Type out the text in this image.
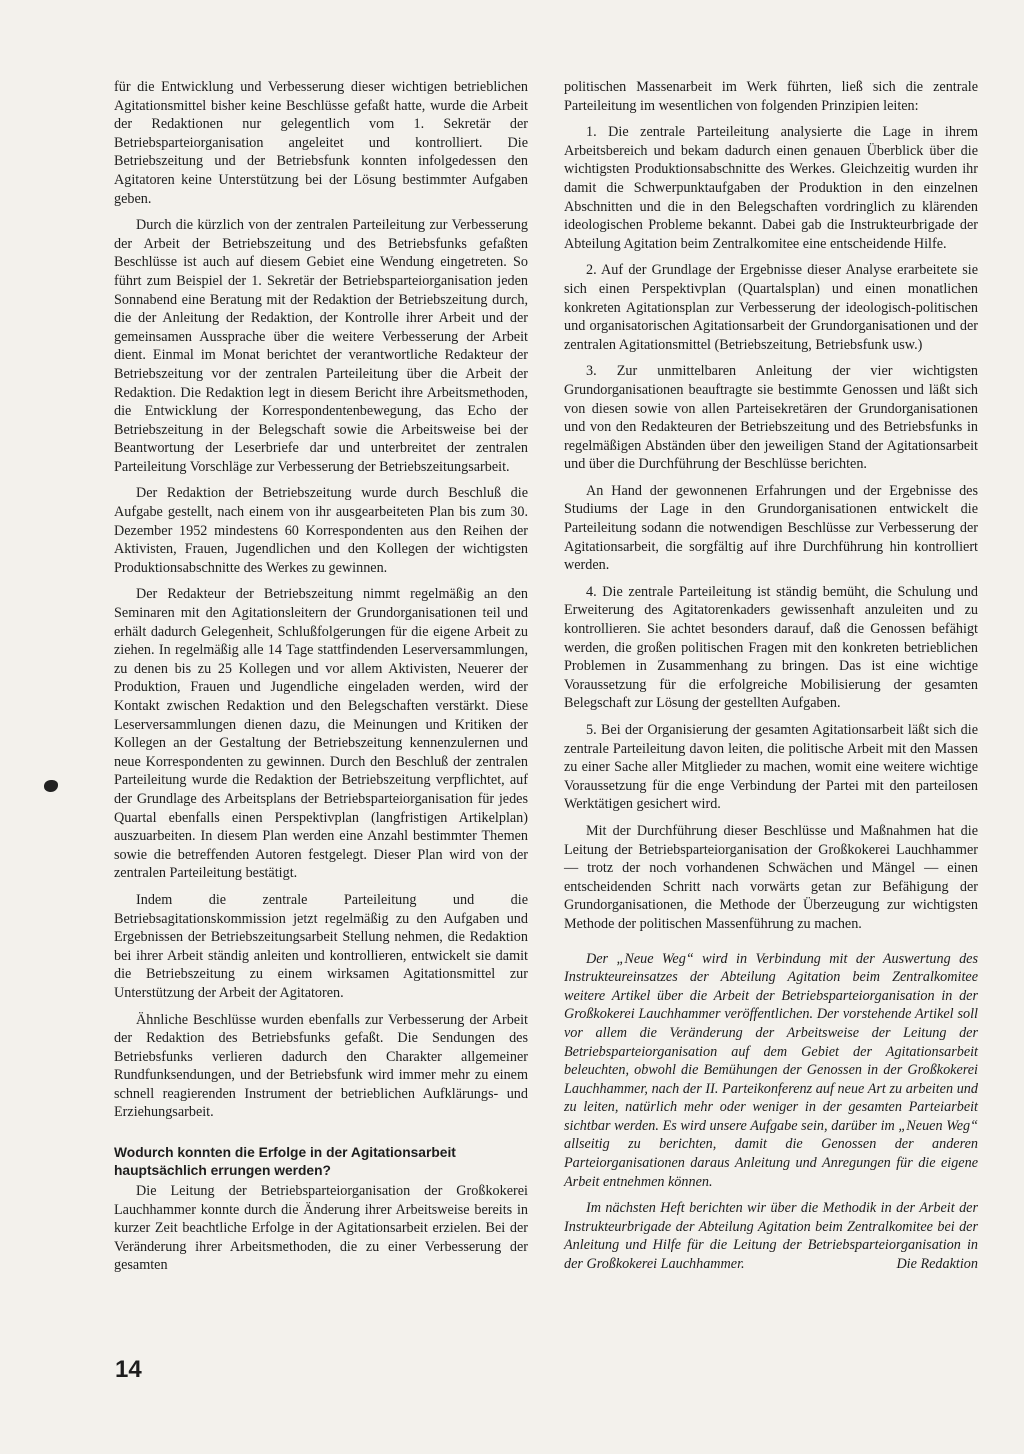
für die Entwicklung und Verbesserung dieser wichtigen betrieblichen Agitationsmittel bisher keine Beschlüsse gefaßt hatte, wurde die Arbeit der Redaktionen nur gelegentlich vom 1. Sekretär der Betriebsparteiorganisation angeleitet und kontrolliert. Die Betriebszeitung und der Betriebsfunk konnten infolgedessen den Agitatoren keine Unterstützung bei der Lösung bestimmter Aufgaben geben.

Durch die kürzlich von der zentralen Parteileitung zur Verbesserung der Arbeit der Betriebszeitung und des Betriebsfunks gefaßten Beschlüsse ist auch auf diesem Gebiet eine Wendung eingetreten. So führt zum Beispiel der 1. Sekretär der Betriebsparteiorganisation jeden Sonnabend eine Beratung mit der Redaktion der Betriebszeitung durch, die der Anleitung der Redaktion, der Kontrolle ihrer Arbeit und der gemeinsamen Aussprache über die weitere Verbesserung der Arbeit dient. Einmal im Monat berichtet der verantwortliche Redakteur der Betriebszeitung vor der zentralen Parteileitung über die Arbeit der Redaktion. Die Redaktion legt in diesem Bericht ihre Arbeitsmethoden, die Entwicklung der Korrespondentenbewegung, das Echo der Betriebszeitung in der Belegschaft sowie die Arbeitsweise bei der Beantwortung der Leserbriefe dar und unterbreitet der zentralen Parteileitung Vorschläge zur Verbesserung der Betriebszeitungsarbeit.

Der Redaktion der Betriebszeitung wurde durch Beschluß die Aufgabe gestellt, nach einem von ihr ausgearbeiteten Plan bis zum 30. Dezember 1952 mindestens 60 Korrespondenten aus den Reihen der Aktivisten, Frauen, Jugendlichen und den Kollegen der wichtigsten Produktionsabschnitte des Werkes zu gewinnen.

Der Redakteur der Betriebszeitung nimmt regelmäßig an den Seminaren mit den Agitationsleitern der Grundorganisationen teil und erhält dadurch Gelegenheit, Schlußfolgerungen für die eigene Arbeit zu ziehen. In regelmäßig alle 14 Tage stattfindenden Leserversammlungen, zu denen bis zu 25 Kollegen und vor allem Aktivisten, Neuerer der Produktion, Frauen und Jugendliche eingeladen werden, wird der Kontakt zwischen Redaktion und den Belegschaften verstärkt. Diese Leserversammlungen dienen dazu, die Meinungen und Kritiken der Kollegen an der Gestaltung der Betriebszeitung kennenzulernen und neue Korrespondenten zu gewinnen. Durch den Beschluß der zentralen Parteileitung wurde die Redaktion der Betriebszeitung verpflichtet, auf der Grundlage des Arbeitsplans der Betriebsparteiorganisation für jedes Quartal ebenfalls einen Perspektivplan (langfristigen Artikelplan) auszuarbeiten. In diesem Plan werden eine Anzahl bestimmter Themen sowie die betreffenden Autoren festgelegt. Dieser Plan wird von der zentralen Parteileitung bestätigt.

Indem die zentrale Parteileitung und die Betriebsagitationskommission jetzt regelmäßig zu den Aufgaben und Ergebnissen der Betriebszeitungsarbeit Stellung nehmen, die Redaktion bei ihrer Arbeit ständig anleiten und kontrollieren, entwickelt sie damit die Betriebszeitung zu einem wirksamen Agitationsmittel zur Unterstützung der Arbeit der Agitatoren.

Ähnliche Beschlüsse wurden ebenfalls zur Verbesserung der Arbeit der Redaktion des Betriebsfunks gefaßt. Die Sendungen des Betriebsfunks verlieren dadurch den Charakter allgemeiner Rundfunksendungen, und der Betriebsfunk wird immer mehr zu einem schnell reagierenden Instrument der betrieblichen Aufklärungs- und Erziehungsarbeit.

Wodurch konnten die Erfolge in der Agitationsarbeit hauptsächlich errungen werden?

Die Leitung der Betriebsparteiorganisation der Großkokerei Lauchhammer konnte durch die Änderung ihrer Arbeitsweise bereits in kurzer Zeit beachtliche Erfolge in der Agitationsarbeit erzielen. Bei der Veränderung ihrer Arbeitsmethoden, die zu einer Verbesserung der gesamten

politischen Massenarbeit im Werk führten, ließ sich die zentrale Parteileitung im wesentlichen von folgenden Prinzipien leiten:

1. Die zentrale Parteileitung analysierte die Lage in ihrem Arbeitsbereich und bekam dadurch einen genauen Überblick über die wichtigsten Produktionsabschnitte des Werkes. Gleichzeitig wurden ihr damit die Schwerpunktaufgaben der Produktion in den einzelnen Abschnitten und die in den Belegschaften vordringlich zu klärenden ideologischen Probleme bekannt. Dabei gab die Instrukteurbrigade der Abteilung Agitation beim Zentralkomitee eine entscheidende Hilfe.

2. Auf der Grundlage der Ergebnisse dieser Analyse erarbeitete sie sich einen Perspektivplan (Quartalsplan) und einen monatlichen konkreten Agitationsplan zur Verbesserung der ideologisch-politischen und organisatorischen Agitationsarbeit der Grundorganisationen und der zentralen Agitationsmittel (Betriebszeitung, Betriebsfunk usw.)

3. Zur unmittelbaren Anleitung der vier wichtigsten Grundorganisationen beauftragte sie bestimmte Genossen und läßt sich von diesen sowie von allen Parteisekretären der Grundorganisationen und von den Redakteuren der Betriebszeitung und des Betriebsfunks in regelmäßigen Abständen über den jeweiligen Stand der Agitationsarbeit und über die Durchführung der Beschlüsse berichten.

An Hand der gewonnenen Erfahrungen und der Ergebnisse des Studiums der Lage in den Grundorganisationen entwickelt die Parteileitung sodann die notwendigen Beschlüsse zur Verbesserung der Agitationsarbeit, die sorgfältig auf ihre Durchführung hin kontrolliert werden.

4. Die zentrale Parteileitung ist ständig bemüht, die Schulung und Erweiterung des Agitatorenkaders gewissenhaft anzuleiten und zu kontrollieren. Sie achtet besonders darauf, daß die Genossen befähigt werden, die großen politischen Fragen mit den konkreten betrieblichen Problemen in Zusammenhang zu bringen. Das ist eine wichtige Voraussetzung für die erfolgreiche Mobilisierung der gesamten Belegschaft zur Lösung der gestellten Aufgaben.

5. Bei der Organisierung der gesamten Agitationsarbeit läßt sich die zentrale Parteileitung davon leiten, die politische Arbeit mit den Massen zu einer Sache aller Mitglieder zu machen, womit eine weitere wichtige Voraussetzung für die enge Verbindung der Partei mit den parteilosen Werktätigen gesichert wird.

Mit der Durchführung dieser Beschlüsse und Maßnahmen hat die Leitung der Betriebsparteiorganisation der Großkokerei Lauchhammer — trotz der noch vorhandenen Schwächen und Mängel — einen entscheidenden Schritt nach vorwärts getan zur Befähigung der Grundorganisationen, die Methode der Überzeugung zur wichtigsten Methode der politischen Massenführung zu machen.

Der „Neue Weg“ wird in Verbindung mit der Auswertung des Instrukteureinsatzes der Abteilung Agitation beim Zentralkomitee weitere Artikel über die Arbeit der Betriebsparteiorganisation in der Großkokerei Lauchhammer veröffentlichen. Der vorstehende Artikel soll vor allem die Veränderung der Arbeitsweise der Leitung der Betriebsparteiorganisation auf dem Gebiet der Agitationsarbeit beleuchten, obwohl die Bemühungen der Genossen in der Großkokerei Lauchhammer, nach der II. Parteikonferenz auf neue Art zu arbeiten und zu leiten, natürlich mehr oder weniger in der gesamten Parteiarbeit sichtbar werden. Es wird unsere Aufgabe sein, darüber im „Neuen Weg“ allseitig zu berichten, damit die Genossen der anderen Parteiorganisationen daraus Anleitung und Anregungen für die eigene Arbeit entnehmen können.

Im nächsten Heft berichten wir über die Methodik in der Arbeit der Instrukteurbrigade der Abteilung Agitation beim Zentralkomitee bei der Anleitung und Hilfe für die Leitung der Betriebsparteiorganisation in der Großkokerei Lauchhammer.	Die Redaktion

14
